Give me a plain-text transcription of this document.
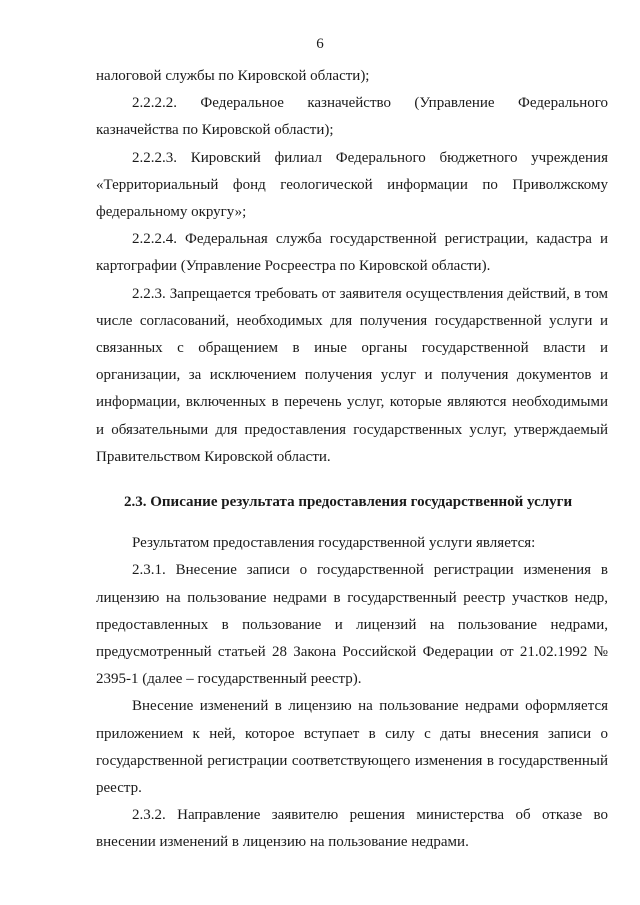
6

налоговой службы по Кировской области);

2.2.2.2. Федеральное казначейство (Управление Федерального казначейства по Кировской области);

2.2.2.3. Кировский филиал Федерального бюджетного учреждения «Территориальный фонд геологической информации по Приволжскому федеральному округу»;

2.2.2.4. Федеральная служба государственной регистрации, кадастра и картографии (Управление Росреестра по Кировской области).

2.2.3. Запрещается требовать от заявителя осуществления действий, в том числе согласований, необходимых для получения государственной услуги и связанных с обращением в иные органы государственной власти и организации, за исключением получения услуг и получения документов и информации, включенных в перечень услуг, которые являются необходимыми и обязательными для предоставления государственных услуг, утверждаемый Правительством Кировской области.

2.3. Описание результата предоставления государственной услуги

Результатом предоставления государственной услуги является:

2.3.1. Внесение записи о государственной регистрации изменения в лицензию на пользование недрами в государственный реестр участков недр, предоставленных в пользование и лицензий на пользование недрами, предусмотренный статьей 28 Закона Российской Федерации от 21.02.1992 № 2395-1 (далее – государственный реестр).

Внесение изменений в лицензию на пользование недрами оформляется приложением к ней, которое вступает в силу с даты внесения записи о государственной регистрации соответствующего изменения в государственный реестр.

2.3.2. Направление заявителю решения министерства об отказе во внесении изменений в лицензию на пользование недрами.
